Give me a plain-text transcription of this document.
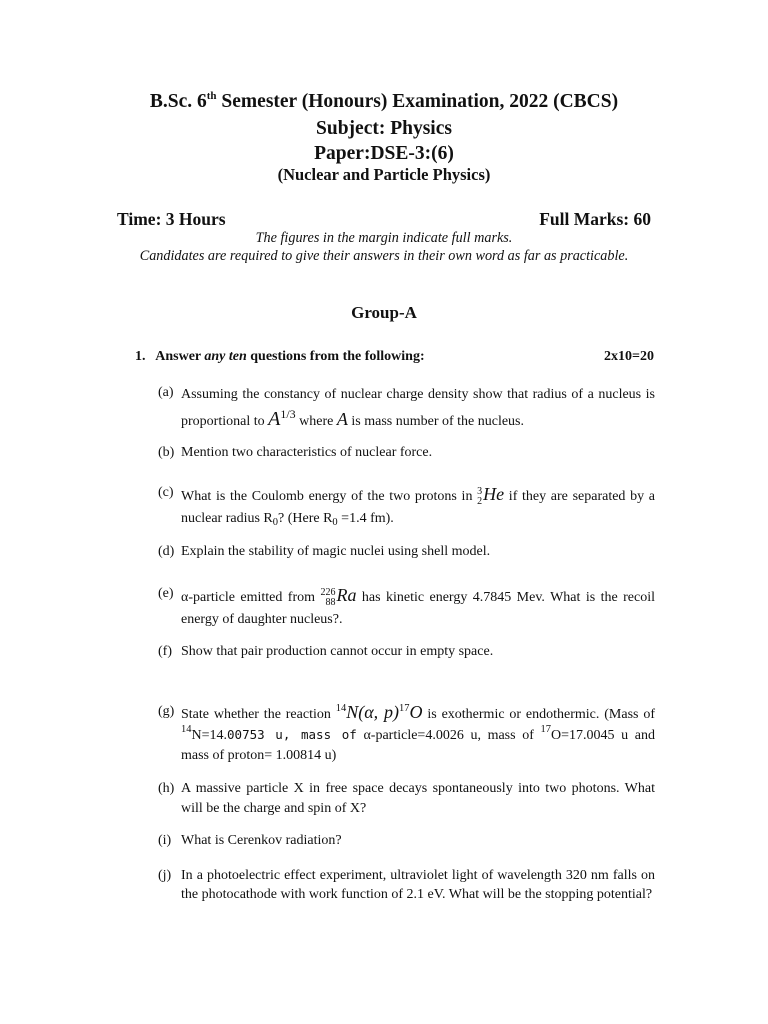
B.Sc. 6th Semester (Honours) Examination, 2022 (CBCS)
Subject: Physics
Paper:DSE-3:(6)
(Nuclear and Particle Physics)
Time: 3 Hours	Full Marks: 60
The figures in the margin indicate full marks.
Candidates are required to give their answers in their own word as far as practicable.
Group-A
1. Answer any ten questions from the following:	2x10=20
(a) Assuming the constancy of nuclear charge density show that radius of a nucleus is proportional to A1/3 where A is mass number of the nucleus.
(b) Mention two characteristics of nuclear force.
(c) What is the Coulomb energy of the two protons in 3
2 He if they are separated by a nuclear radius $R_0$? (Here $R_0 =1.4$ fm).
(d) Explain the stability of magic nuclei using shell model.
(e) α-particle emitted from 226
88 Ra has kinetic energy 4.7845 Mev. What is the recoil energy of daughter nucleus?.
(f) Show that pair production cannot occur in empty space.
(g) State whether the reaction $^{14}$N(α, p)$^{17}$O is exothermic or endothermic. (Mass of $^{14}$N=14.00753 u, mass of α-particle=4.0026 u, mass of $^{17}$O=17.0045 u and mass of proton= 1.00814 u)
(h) A massive particle X in free space decays spontaneously into two photons. What will be the charge and spin of X?
(i) What is Cerenkov radiation?
(j) In a photoelectric effect experiment, ultraviolet light of wavelength 320 nm falls on the photocathode with work function of 2.1 eV. What will be the stopping potential?
